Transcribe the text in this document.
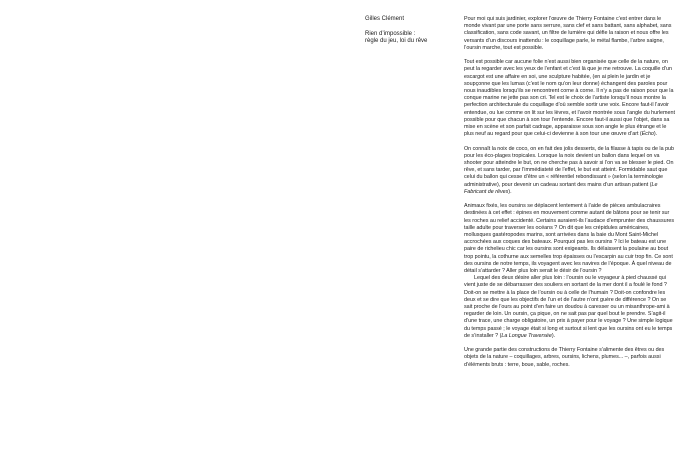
Gilles Clément
Rien d’impossible :
règle du jeu, loi du rêve

Pour moi qui suis jardinier, explorer l’œuvre de Thierry Fontaine c’est entrer dans le monde vivant par une porte sans serrure, sans clef et sans battant, sans alphabet, sans classification, sans code savant, un filtre de lumière qui défie la raison et nous offre les versants d’un discours inattendu : le coquillage parle, le métal flambe, l’arbre saigne, l’oursin marche, tout est possible.

Tout est possible car aucune folie n’est aussi bien organisée que celle de la nature, on peut la regarder avec les yeux de l’enfant et c’est là que je me retrouve. La coquille d’un escargot est une affaire en soi, une sculpture habitée, (en ai plein le jardin et je soupçonne que les lumas (c’est le nom qu’on leur donne) échangent des paroles pour nous inaudibles lorsqu’ils se rencontrent corne à corne. Il n’y a pas de raison pour que la conque marine ne jette pas son cri. Tel est le choix de l’artiste lorsqu’il nous montre la perfection architecturale du coquillage d’où semble sortir une voix. Encore faut-il l’avoir entendue, ou lue comme on lit sur les lèvres, et l’avoir montrée sous l’angle du hurlement possible pour que chacun à son tour l’entende. Encore faut-il aussi que l’objet, dans sa mise en scène et son parfait cadrage, apparaisse sous son angle le plus étrange et le plus neuf au regard pour que celui-ci devienne à son tour une œuvre d’art (Écho).

On connaît la noix de coco, on en fait des jolis desserts, de la filasse à tapis ou de la pub pour les éco-plages tropicales. Lorsque la noix devient un ballon dans lequel on va shooter pour atteindre le but, on ne cherche pas à savoir si l’on va se blesser le pied. On rêve, et sans tarder, par l’immédiateté de l’effet, le but est atteint. Formidable saut que celui du ballon qui cesse d’être un « référentiel rebondissant » (selon la terminologie administrative), pour devenir un cadeau sortant des mains d’un artisan patient (Le Fabricant de rêves).

Animaux fixés, les oursins se déplacent lentement à l’aide de pièces ambulacraires destinées à cet effet : épines en mouvement comme autant de bâtons pour se tenir sur les roches au relief accidenté. Certains auraient-ils l’audace d’emprunter des chaussures taille adulte pour traverser les océans ? On dit que les crépidules américaines, mollusques gastéropodes marins, sont arrivées dans la baie du Mont Saint-Michel accrochées aux coques des bateaux. Pourquoi pas les oursins ? Ici le bateau est une paire de richelieu chic car les oursins sont exigeants. Ils délaissent la poulaine au bout trop pointu, la cothurne aux semelles trop épaisses ou l’escarpin au cuir trop fin. Ce sont des oursins de notre temps, ils voyagent avec les navires de l’époque. À quel niveau de détail s’attarder ? Aller plus loin serait le désir de l’oursin ?

Lequel des deux désire aller plus loin : l’oursin ou le voyageur à pied chaussé qui vient juste de se débarrasser des souliers en sortant de la mer dont il a foulé le fond ? Doit-on se mettre à la place de l’oursin ou à celle de l’humain ? Doit-on confondre les deux et se dire que les objectifs de l’un et de l’autre n’ont guère de différence ? On se sait proche de l’ours au point d’en faire un doudou à caresser ou un misanthrope-ami à regarder de loin. Un oursin, ça pique, on ne sait pas par quel bout le prendre. S’agit-il d’une trace, une charge obligatoire, un prix à payer pour le voyage ? Une simple logique du temps passé ; le voyage était si long et surtout si lent que les oursins ont eu le temps de s’installer ? (La Longue Traversée).

Une grande partie des constructions de Thierry Fontaine s’alimente des êtres ou des objets de la nature – coquillages, arbres, oursins, lichens, plumes... –, parfois aussi d’éléments bruts : terre, boue, sable, roches.
